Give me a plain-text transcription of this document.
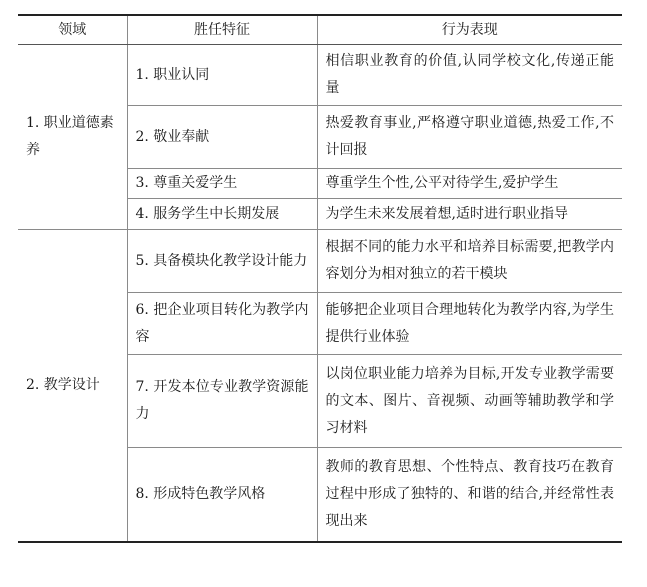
领域	胜任特征	行为表现
1. 职业道德素养	1. 职业认同	相信职业教育的价值,认同学校文化,传递正能量
	2. 敬业奉献	热爱教育事业,严格遵守职业道德,热爱工作,不计回报
	3. 尊重关爱学生	尊重学生个性,公平对待学生,爱护学生
	4. 服务学生中长期发展	为学生未来发展着想,适时进行职业指导
2. 教学设计	5. 具备模块化教学设计能力	根据不同的能力水平和培养目标需要,把教学内容划分为相对独立的若干模块
	6. 把企业项目转化为教学内容	能够把企业项目合理地转化为教学内容,为学生提供行业体验
	7. 开发本位专业教学资源能力	以岗位职业能力培养为目标,开发专业教学需要的文本、图片、音视频、动画等辅助教学和学习材料
	8. 形成特色教学风格	教师的教育思想、个性特点、教育技巧在教育过程中形成了独特的、和谐的结合,并经常性表现出来
